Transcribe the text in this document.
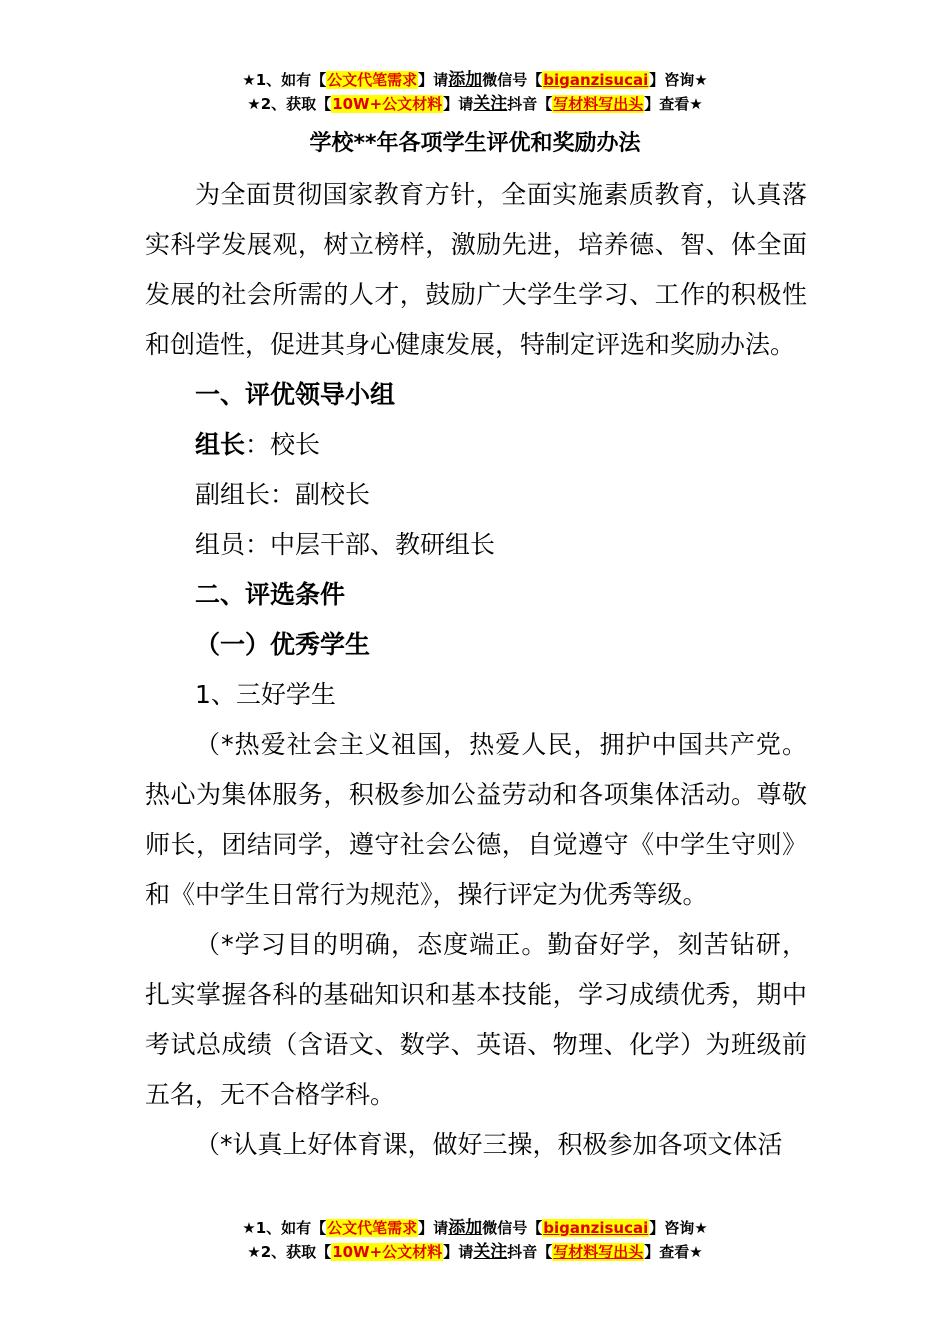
★1、如有【公文代笔需求】请添加微信号【biganzisucai】咨询★
★2、获取【10W+公文材料】请关注抖音【写材料写出头】查看★
学校**年各项学生评优和奖励办法

为全面贯彻国家教育方针，全面实施素质教育，认真落实科学发展观，树立榜样，激励先进，培养德、智、体全面发展的社会所需的人才，鼓励广大学生学习、工作的积极性和创造性，促进其身心健康发展，特制定评选和奖励办法。

一、评优领导小组

组长：校长

副组长：副校长

组员：中层干部、教研组长

二、评选条件

（一）优秀学生

1、三好学生

（*热爱社会主义祖国，热爱人民，拥护中国共产党。热心为集体服务，积极参加公益劳动和各项集体活动。尊敬师长，团结同学，遵守社会公德，自觉遵守《中学生守则》和《中学生日常行为规范》，操行评定为优秀等级。

（*学习目的明确，态度端正。勤奋好学，刻苦钻研，扎实掌握各科的基础知识和基本技能，学习成绩优秀，期中考试总成绩（含语文、数学、英语、物理、化学）为班级前五名，无不合格学科。

（*认真上好体育课，做好三操，积极参加各项文体活

★1、如有【公文代笔需求】请添加微信号【biganzisucai】咨询★
★2、获取【10W+公文材料】请关注抖音【写材料写出头】查看★
